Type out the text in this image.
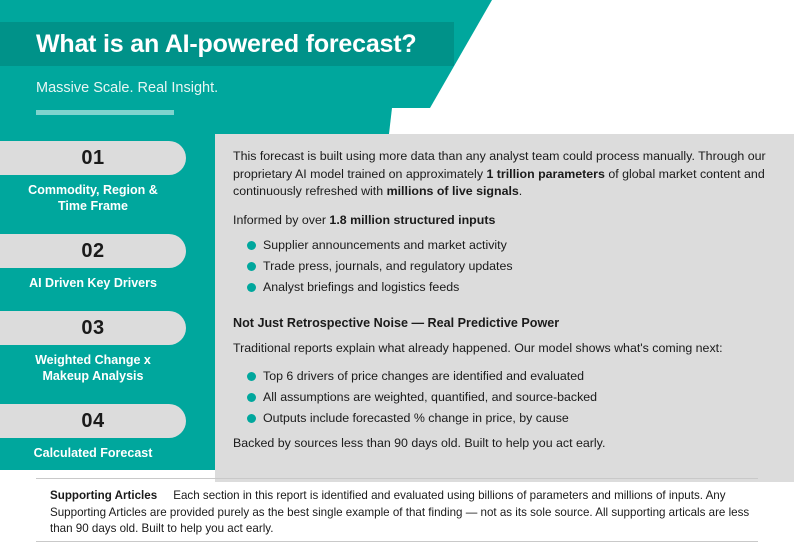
What is an AI-powered forecast?
Massive Scale. Real Insight.
01
Commodity, Region &
Time Frame
02
AI Driven Key Drivers
03
Weighted Change x
Makeup Analysis
04
Calculated Forecast

This forecast is built using more data than any analyst team could process manually. Through our proprietary AI model trained on approximately 1 trillion parameters of global market content and continuously refreshed with millions of live signals.

Informed by over 1.8 million structured inputs

Supplier announcements and market activity
Trade press, journals, and regulatory updates
Analyst briefings and logistics feeds

Not Just Retrospective Noise — Real Predictive Power

Traditional reports explain what already happened. Our model shows what's coming next:

Top 6 drivers of price changes are identified and evaluated
All assumptions are weighted, quantified, and source-backed
Outputs include forecasted % change in price, by cause

Backed by sources less than 90 days old. Built to help you act early.

Supporting Articles Each section in this report is identified and evaluated using billions of parameters and millions of inputs. Any Supporting Articles are provided purely as the best single example of that finding — not as its sole source. All supporting articals are less than 90 days old. Built to help you act early.
